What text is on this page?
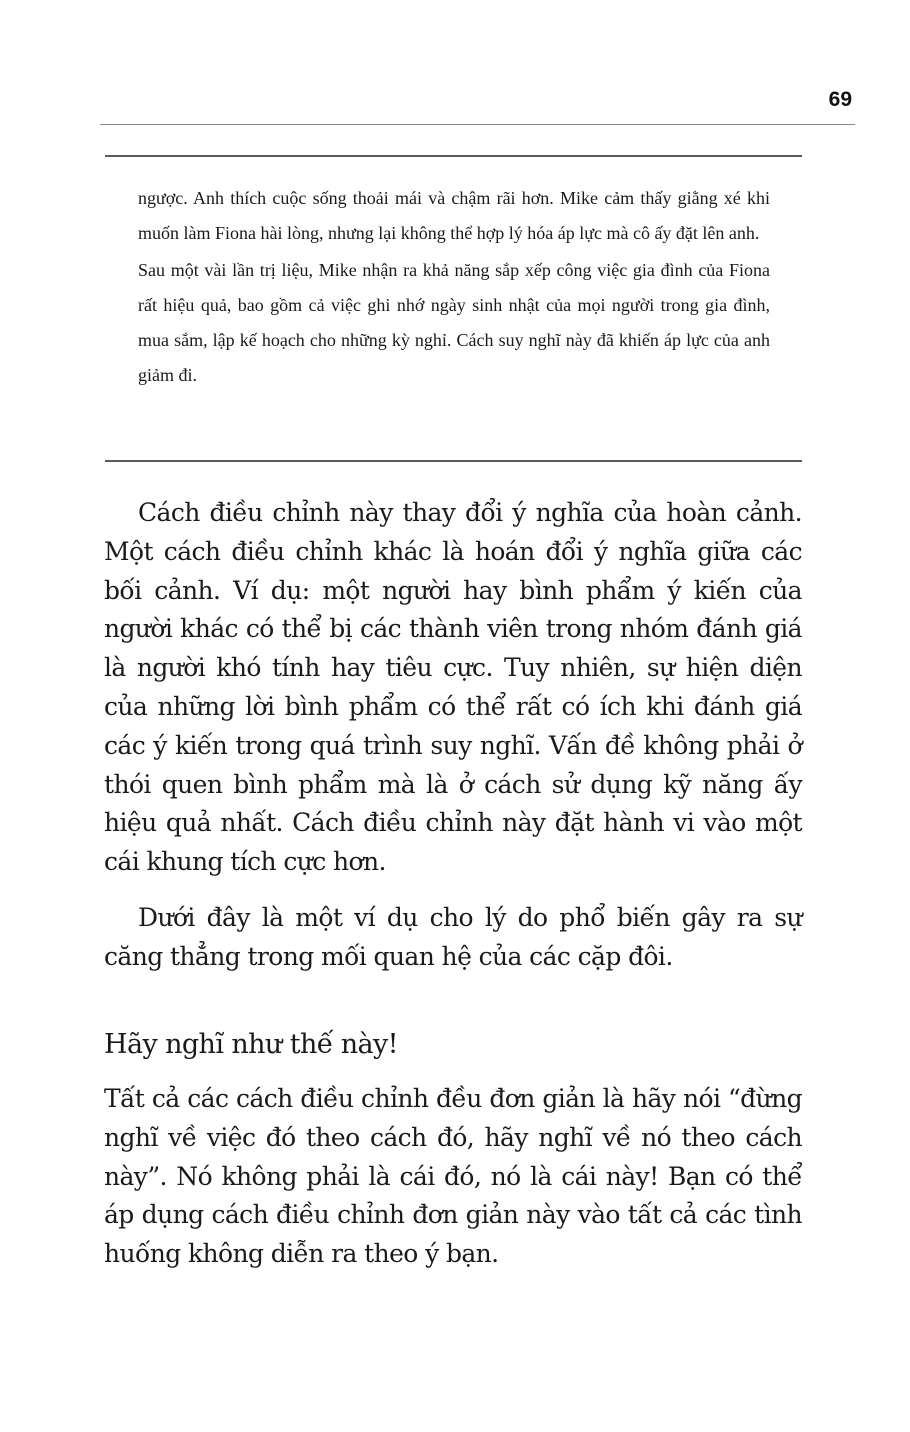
69

ngược. Anh thích cuộc sống thoải mái và chậm rãi hơn. Mike cảm thấy giằng xé khi muốn làm Fiona hài lòng, nhưng lại không thể hợp lý hóa áp lực mà cô ấy đặt lên anh.

Sau một vài lần trị liệu, Mike nhận ra khả năng sắp xếp công việc gia đình của Fiona rất hiệu quả, bao gồm cả việc ghi nhớ ngày sinh nhật của mọi người trong gia đình, mua sắm, lập kế hoạch cho những kỳ nghỉ. Cách suy nghĩ này đã khiến áp lực của anh giảm đi.

Cách điều chỉnh này thay đổi ý nghĩa của hoàn cảnh. Một cách điều chỉnh khác là hoán đổi ý nghĩa giữa các bối cảnh. Ví dụ: một người hay bình phẩm ý kiến của người khác có thể bị các thành viên trong nhóm đánh giá là người khó tính hay tiêu cực. Tuy nhiên, sự hiện diện của những lời bình phẩm có thể rất có ích khi đánh giá các ý kiến trong quá trình suy nghĩ. Vấn đề không phải ở thói quen bình phẩm mà là ở cách sử dụng kỹ năng ấy hiệu quả nhất. Cách điều chỉnh này đặt hành vi vào một cái khung tích cực hơn.

Dưới đây là một ví dụ cho lý do phổ biến gây ra sự căng thẳng trong mối quan hệ của các cặp đôi.

Hãy nghĩ như thế này!

Tất cả các cách điều chỉnh đều đơn giản là hãy nói “đừng nghĩ về việc đó theo cách đó, hãy nghĩ về nó theo cách này”. Nó không phải là cái đó, nó là cái này! Bạn có thể áp dụng cách điều chỉnh đơn giản này vào tất cả các tình huống không diễn ra theo ý bạn.
